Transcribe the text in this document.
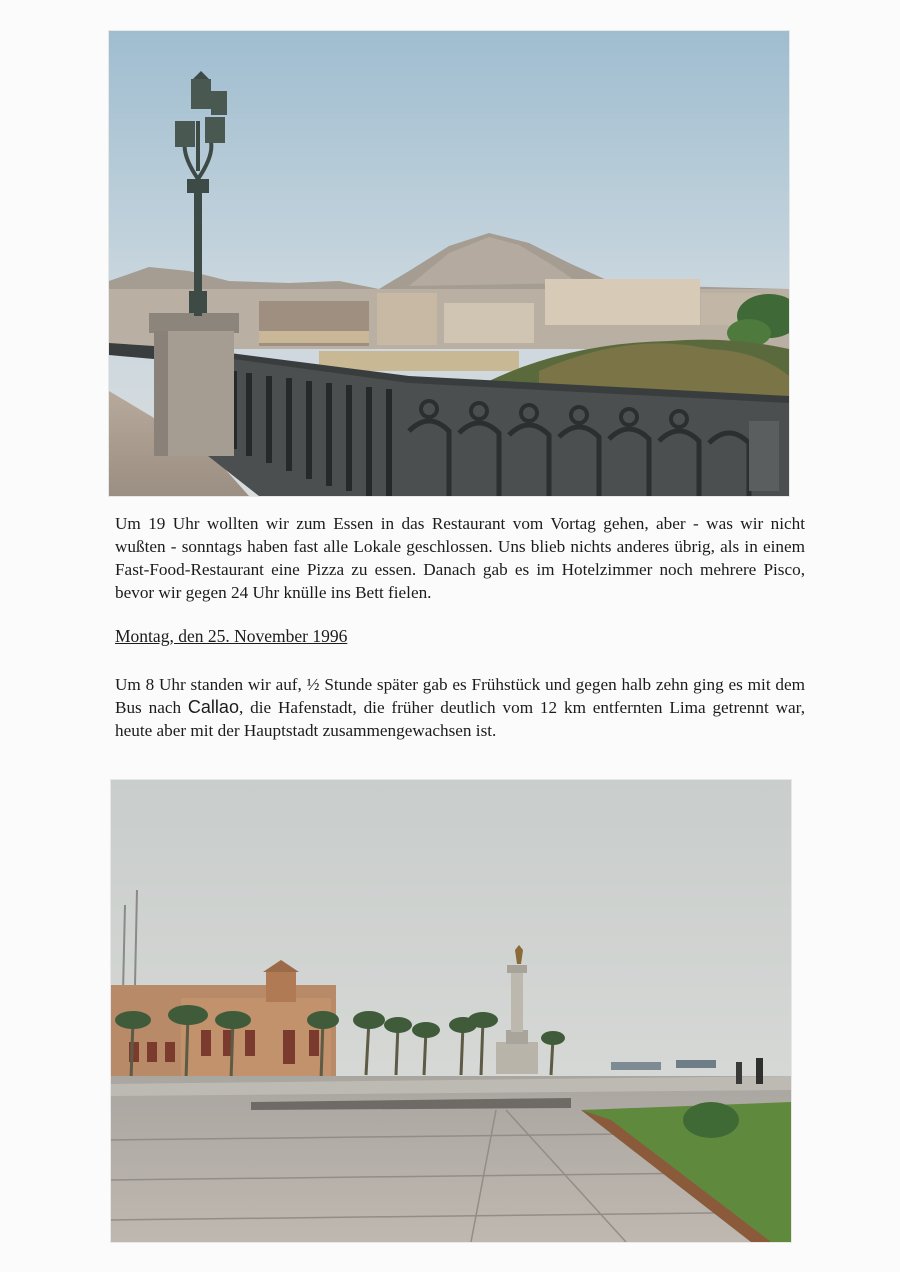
Um 19 Uhr wollten wir zum Essen in das Restaurant vom Vortag gehen, aber - was wir nicht wußten - sonntags haben fast alle Lokale geschlossen. Uns blieb nichts anderes übrig, als in einem Fast-Food-Restaurant eine Pizza zu essen. Danach gab es im Hotelzimmer noch mehrere Pisco, bevor wir gegen 24 Uhr knülle ins Bett fielen.

Montag, den 25. November 1996

Um 8 Uhr standen wir auf, ½ Stunde später gab es Frühstück und gegen halb zehn ging es mit dem Bus nach Callao, die Hafenstadt, die früher deutlich vom 12 km entfernten Lima getrennt war, heute aber mit der Hauptstadt zusammengewachsen ist.
